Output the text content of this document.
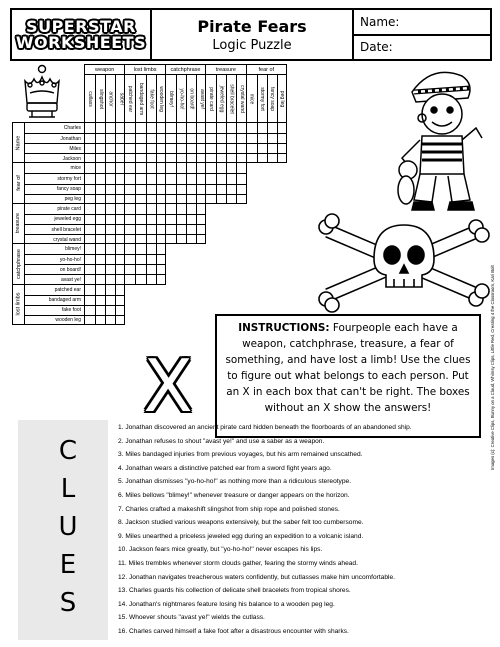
SUPERSTAR
WORKSHEETS
Pirate Fears
Logic Puzzle
Name:
Date:
weapon
cutlass slingshot anchor saber
lost limbs
patched ear bandaged arm fake foot wooden leg
catchphrase
blimey! yo-ho-ho! on board! avast ye!
treasure
pirate card jeweled egg shell bracelet crystal wand
fear of
mice stormy fort fancy soap peg leg
Name
Charles
Jonathan
Miles
Jackson
fear of
mice
stormy fort
fancy soap
peg leg
treasure
pirate card
jeweled egg
shell bracelet
crystal wand
catchphrase	blimey!
yo-ho-ho!
on board!
avast ye!
lost limbs
patched ear
bandaged arm
fake foot
wooden leg
INSTRUCTIONS: Fourpeople each have a weapon, catchphrase, treasure, a fear of something, and have lost a limb! Use the clues to figure out what belongs to each person. Put an X in each box that can't be right. The boxes without an X show the answers!
X
C
L
U
E
S
1. Jonathan discovered an ancient pirate card hidden beneath the floorboards of an abandoned ship.
2. Jonathan refuses to shout "avast ye!" and use a saber as a weapon.
3. Miles bandaged injuries from previous voyages, but his arm remained unscathed.
4. Jonathan wears a distinctive patched ear from a sword fight years ago.
5. Jonathan dismisses "yo-ho-ho!" as nothing more than a ridiculous stereotype.
6. Miles bellows "blimey!" whenever treasure or danger appears on the horizon.
7. Charles crafted a makeshift slingshot from ship rope and polished stones.
8. Jackson studied various weapons extensively, but the saber felt too cumbersome.
9. Miles unearthed a priceless jeweled egg during an expedition to a volcanic island.
10. Jackson fears mice greatly, but "yo-ho-ho!" never escapes his lips.
11. Miles trembles whenever storm clouds gather, fearing the stormy winds ahead.
12. Jonathan navigates treacherous waters confidently, but cutlasses make him uncomfortable.
13. Charles guards his collection of delicate shell bracelets from tropical shores.
14. Jonathan's nightmares feature losing his balance to a wooden peg leg.
15. Whoever shouts "avast ye!" wields the cutlass.
16. Charles carved himself a fake foot after a disastrous encounter with sharks.
Images (c): Creative Clips, Bunny on a Cloud, Whimsy Clips, Little Red, Creating 4 the Classroom, Kari Bolt
